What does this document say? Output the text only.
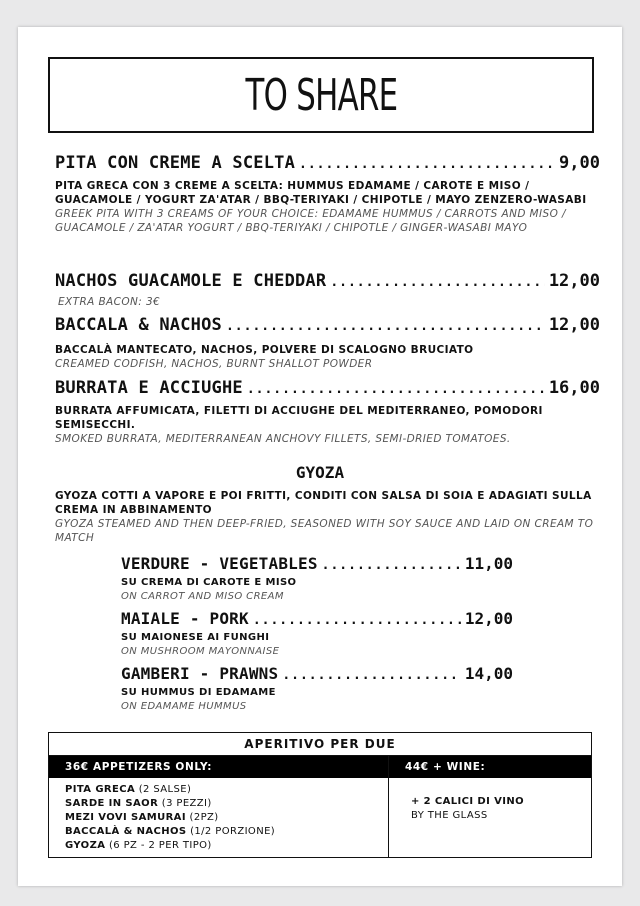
TO SHARE
PITA CON CREME A SCELTA .....	9,00
PITA GRECA CON 3 CREME A SCELTA: HUMMUS EDAMAME / CAROTE E MISO / GUACAMOLE / YOGURT ZA'ATAR / BBQ-TERIYAKI / CHIPOTLE / MAYO ZENZERO-WASABI
GREEK PITA WITH 3 CREAMS OF YOUR CHOICE: EDAMAME HUMMUS / CARROTS AND MISO / GUACAMOLE / ZA'ATAR YOGURT / BBQ-TERIYAKI / CHIPOTLE / GINGER-WASABI MAYO
NACHOS GUACAMOLE E CHEDDAR .....	12,00
EXTRA BACON: 3€
BACCALA & NACHOS .....	12,00
BACCALÀ MANTECATO, NACHOS, POLVERE DI SCALOGNO BRUCIATO
CREAMED CODFISH, NACHOS, BURNT SHALLOT POWDER
BURRATA E ACCIUGHE .....	16,00
BURRATA AFFUMICATA, FILETTI DI ACCIUGHE DEL MEDITERRANEO, POMODORI SEMISECCHI.
SMOKED BURRATA, MEDITERRANEAN ANCHOVY FILLETS, SEMI-DRIED TOMATOES.
GYOZA
GYOZA COTTI A VAPORE E POI FRITTI, CONDITI CON SALSA DI SOIA E ADAGIATI SULLA CREMA IN ABBINAMENTO
GYOZA STEAMED AND THEN DEEP-FRIED, SEASONED WITH SOY SAUCE AND LAID ON CREAM TO MATCH
VERDURE - VEGETABLES .....	11,00
SU CREMA DI CAROTE E MISO
ON CARROT AND MISO CREAM
MAIALE - PORK .....	12,00
SU MAIONESE AI FUNGHI
ON MUSHROOM MAYONNAISE
GAMBERI - PRAWNS .....	14,00
SU HUMMUS DI EDAMAME
ON EDAMAME HUMMUS
APERITIVO PER DUE
36€ APPETIZERS ONLY:
PITA GRECA (2 SALSE)
SARDE IN SAOR (3 PEZZI)
MEZI VOVI SAMURAI (2PZ)
BACCALÀ & NACHOS (1/2 PORZIONE)
GYOZA (6 PZ - 2 PER TIPO)
44€ + WINE:
+ 2 CALICI DI VINO
BY THE GLASS
